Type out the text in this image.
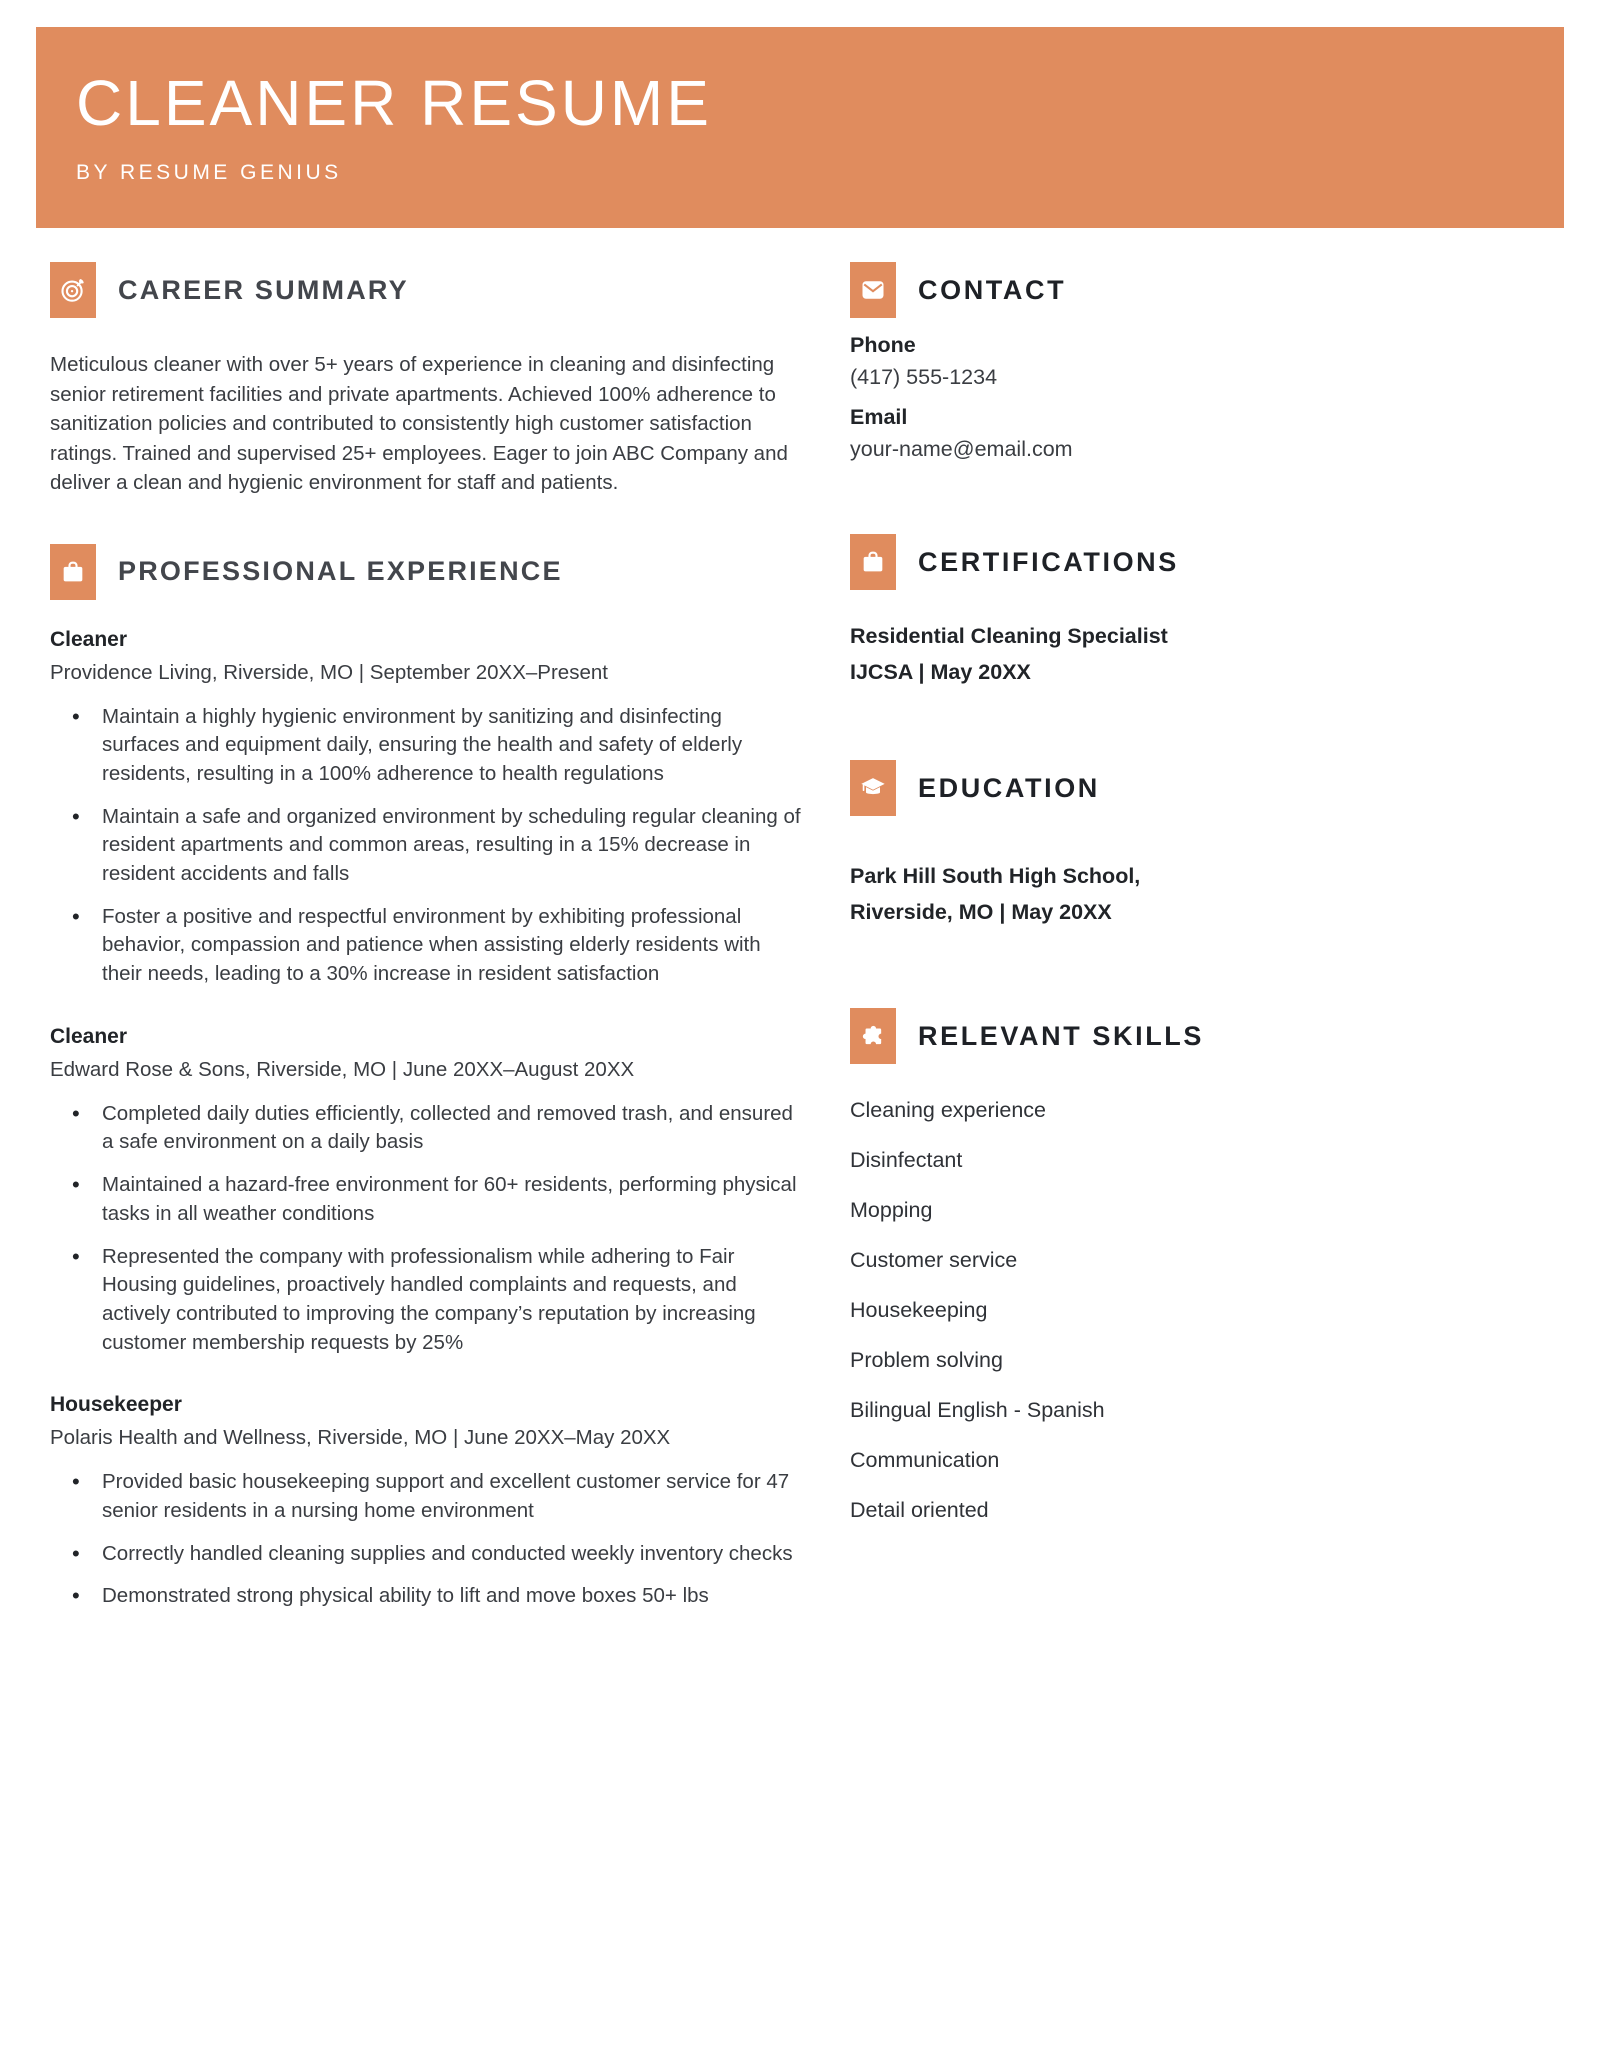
CLEANER RESUME
BY RESUME GENIUS
CAREER SUMMARY

Meticulous cleaner with over 5+ years of experience in cleaning and disinfecting senior retirement facilities and private apartments. Achieved 100% adherence to sanitization policies and contributed to consistently high customer satisfaction ratings. Trained and supervised 25+ employees. Eager to join ABC Company and deliver a clean and hygienic environment for staff and patients.

PROFESSIONAL EXPERIENCE
Cleaner
Providence Living, Riverside, MO | September 20XX–Present
• Maintain a highly hygienic environment by sanitizing and disinfecting surfaces and equipment daily, ensuring the health and safety of elderly residents, resulting in a 100% adherence to health regulations
• Maintain a safe and organized environment by scheduling regular cleaning of resident apartments and common areas, resulting in a 15% decrease in resident accidents and falls
• Foster a positive and respectful environment by exhibiting professional behavior, compassion and patience when assisting elderly residents with their needs, leading to a 30% increase in resident satisfaction
Cleaner
Edward Rose & Sons, Riverside, MO | June 20XX–August 20XX
• Completed daily duties efficiently, collected and removed trash, and ensured a safe environment on a daily basis
• Maintained a hazard-free environment for 60+ residents, performing physical tasks in all weather conditions
• Represented the company with professionalism while adhering to Fair Housing guidelines, proactively handled complaints and requests, and actively contributed to improving the company’s reputation by increasing customer membership requests by 25%
Housekeeper
Polaris Health and Wellness, Riverside, MO | June 20XX–May 20XX
• Provided basic housekeeping support and excellent customer service for 47 senior residents in a nursing home environment
• Correctly handled cleaning supplies and conducted weekly inventory checks
• Demonstrated strong physical ability to lift and move boxes 50+ lbs
CONTACT
Phone
(417) 555-1234
Email
your-name@email.com
CERTIFICATIONS
Residential Cleaning Specialist IJCSA | May 20XX
EDUCATION
Park Hill South High School, Riverside, MO | May 20XX
RELEVANT SKILLS
Cleaning experience
Disinfectant
Mopping
Customer service
Housekeeping
Problem solving
Bilingual English - Spanish
Communication
Detail oriented
